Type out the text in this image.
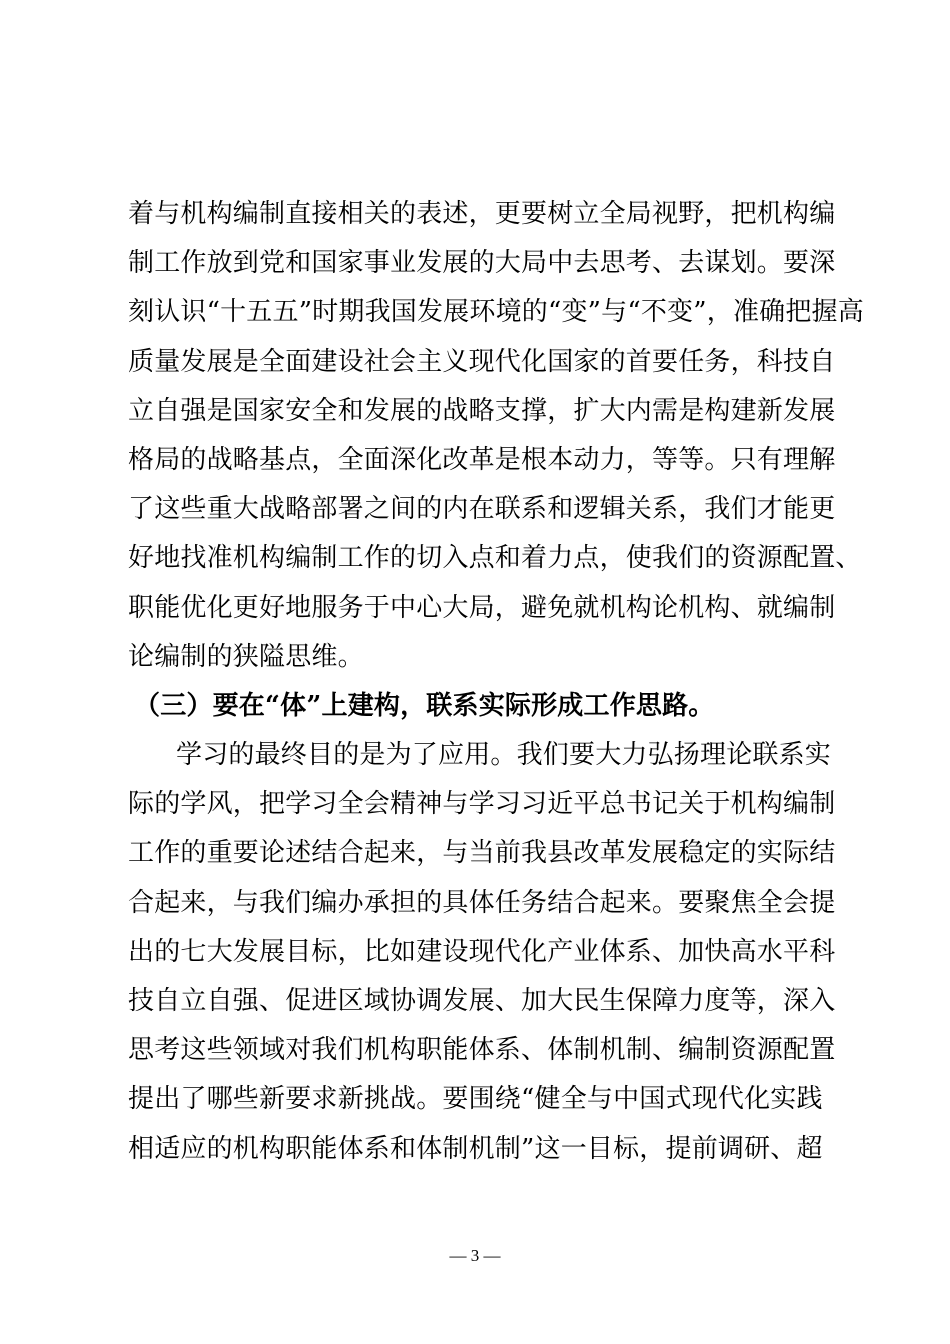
着与机构编制直接相关的表述，更要树立全局视野，把机构编
制工作放到党和国家事业发展的大局中去思考、去谋划。要深
刻认识“十五五”时期我国发展环境的“变”与“不变”，准确把握高
质量发展是全面建设社会主义现代化国家的首要任务，科技自
立自强是国家安全和发展的战略支撑，扩大内需是构建新发展
格局的战略基点，全面深化改革是根本动力，等等。只有理解
了这些重大战略部署之间的内在联系和逻辑关系，我们才能更
好地找准机构编制工作的切入点和着力点，使我们的资源配置、
职能优化更好地服务于中心大局，避免就机构论机构、就编制
论编制的狭隘思维。
（三）要在“体”上建构，联系实际形成工作思路。
学习的最终目的是为了应用。我们要大力弘扬理论联系实
际的学风，把学习全会精神与学习习近平总书记关于机构编制
工作的重要论述结合起来，与当前我县改革发展稳定的实际结
合起来，与我们编办承担的具体任务结合起来。要聚焦全会提
出的七大发展目标，比如建设现代化产业体系、加快高水平科
技自立自强、促进区域协调发展、加大民生保障力度等，深入
思考这些领域对我们机构职能体系、体制机制、编制资源配置
提出了哪些新要求新挑战。要围绕“健全与中国式现代化实践
相适应的机构职能体系和体制机制”这一目标，提前调研、超
— 3 —
